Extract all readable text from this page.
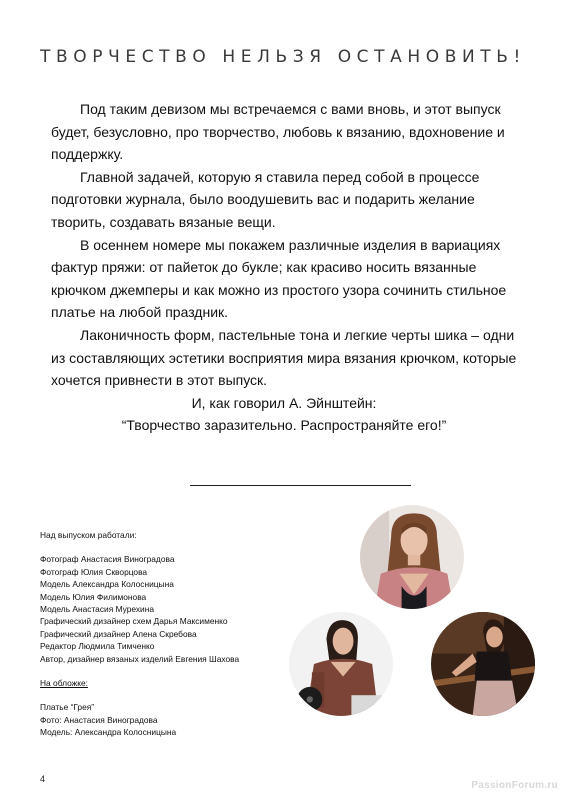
ТВОРЧЕСТВО НЕЛЬЗЯ ОСТАНОВИТЬ!

Под таким девизом мы встречаемся с вами вновь, и этот выпуск будет, безусловно, про творчество, любовь к вязанию, вдохновение и поддержку.

Главной задачей, которую я ставила перед собой в процессе подготовки журнала, было воодушевить вас и подарить желание творить, создавать вязаные вещи.

В осеннем номере мы покажем различные изделия в вариациях фактур пряжи: от пайеток до букле; как красиво носить вязанные крючком джемперы и как можно из простого узора сочинить стильное платье на любой праздник.

Лаконичность форм, пастельные тона и легкие черты шика – одни из составляющих эстетики восприятия мира вязания крючком, которые хочется привнести в этот выпуск.

И, как говорил А. Эйнштейн:

“Творчество заразительно. Распространяйте его!”

Над выпуском работали:
Фотограф Анастасия Виноградова
Фотограф Юлия Скворцова
Модель Александра Колосницына
Модель Юлия Филимонова
Модель Анастасия Мурехина
Графический дизайнер схем Дарья Максименко
Графический дизайнер Алена Скребова
Редактор Людмила Тимченко
Автор, дизайнер вязаных изделий Евгения Шахова
На обложке:
Платье “Грея”
Фото: Анастасия Виноградова
Модель: Александра Колосницына
4
PassionForum.ru
